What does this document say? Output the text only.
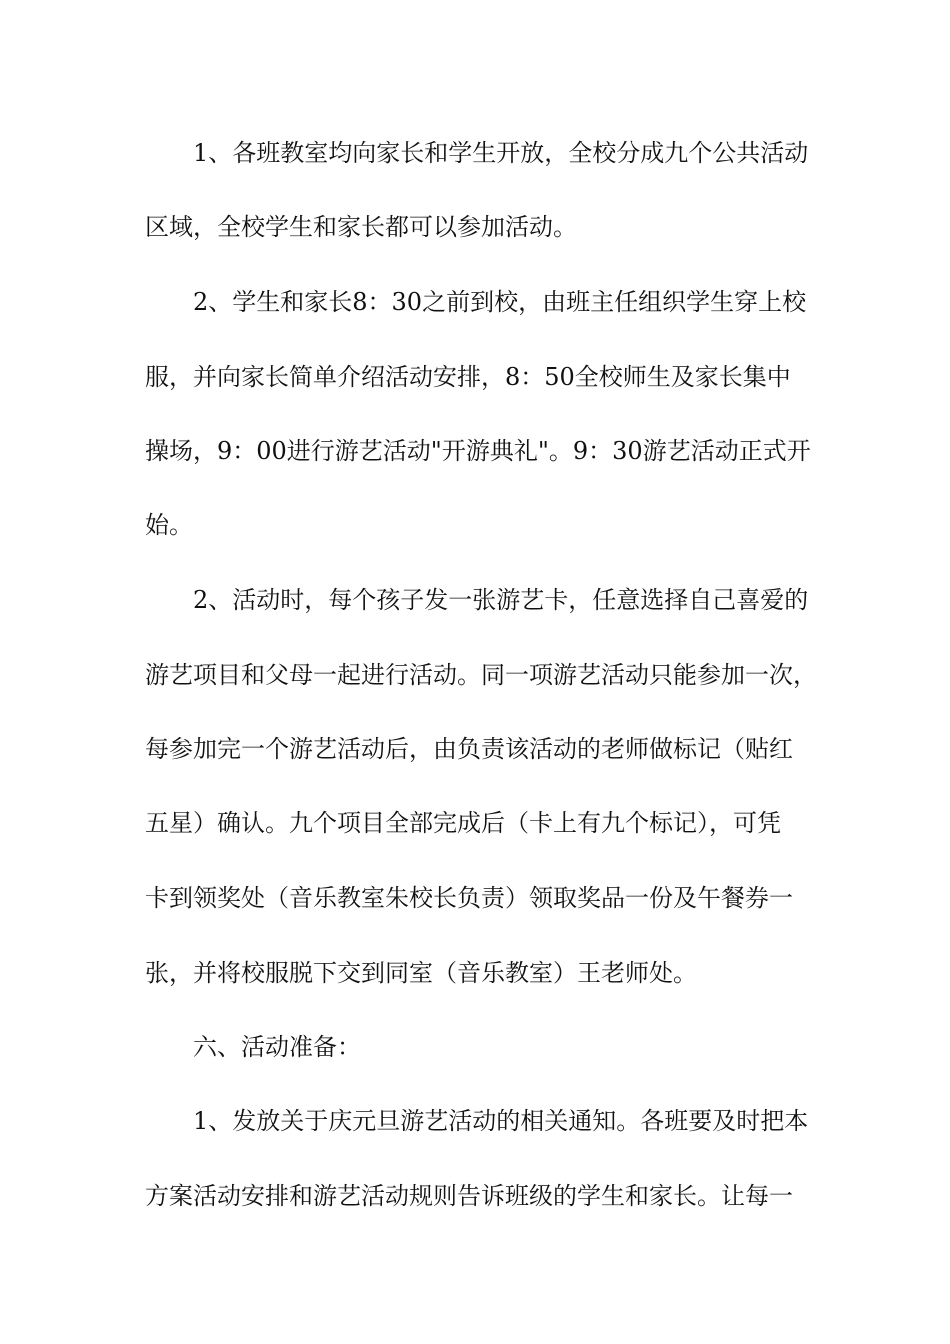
1、各班教室均向家长和学生开放，全校分成九个公共活动
区域，全校学生和家长都可以参加活动。
2、学生和家长8：30之前到校，由班主任组织学生穿上校
服，并向家长简单介绍活动安排，8：50全校师生及家长集中
操场，9：00进行游艺活动"开游典礼"。9：30游艺活动正式开
始。
2、活动时，每个孩子发一张游艺卡，任意选择自己喜爱的
游艺项目和父母一起进行活动。同一项游艺活动只能参加一次，
每参加完一个游艺活动后，由负责该活动的老师做标记（贴红
五星）确认。九个项目全部完成后（卡上有九个标记），可凭
卡到领奖处（音乐教室朱校长负责）领取奖品一份及午餐券一
张，并将校服脱下交到同室（音乐教室）王老师处。
六、活动准备：
1、发放关于庆元旦游艺活动的相关通知。各班要及时把本
方案活动安排和游艺活动规则告诉班级的学生和家长。让每一
